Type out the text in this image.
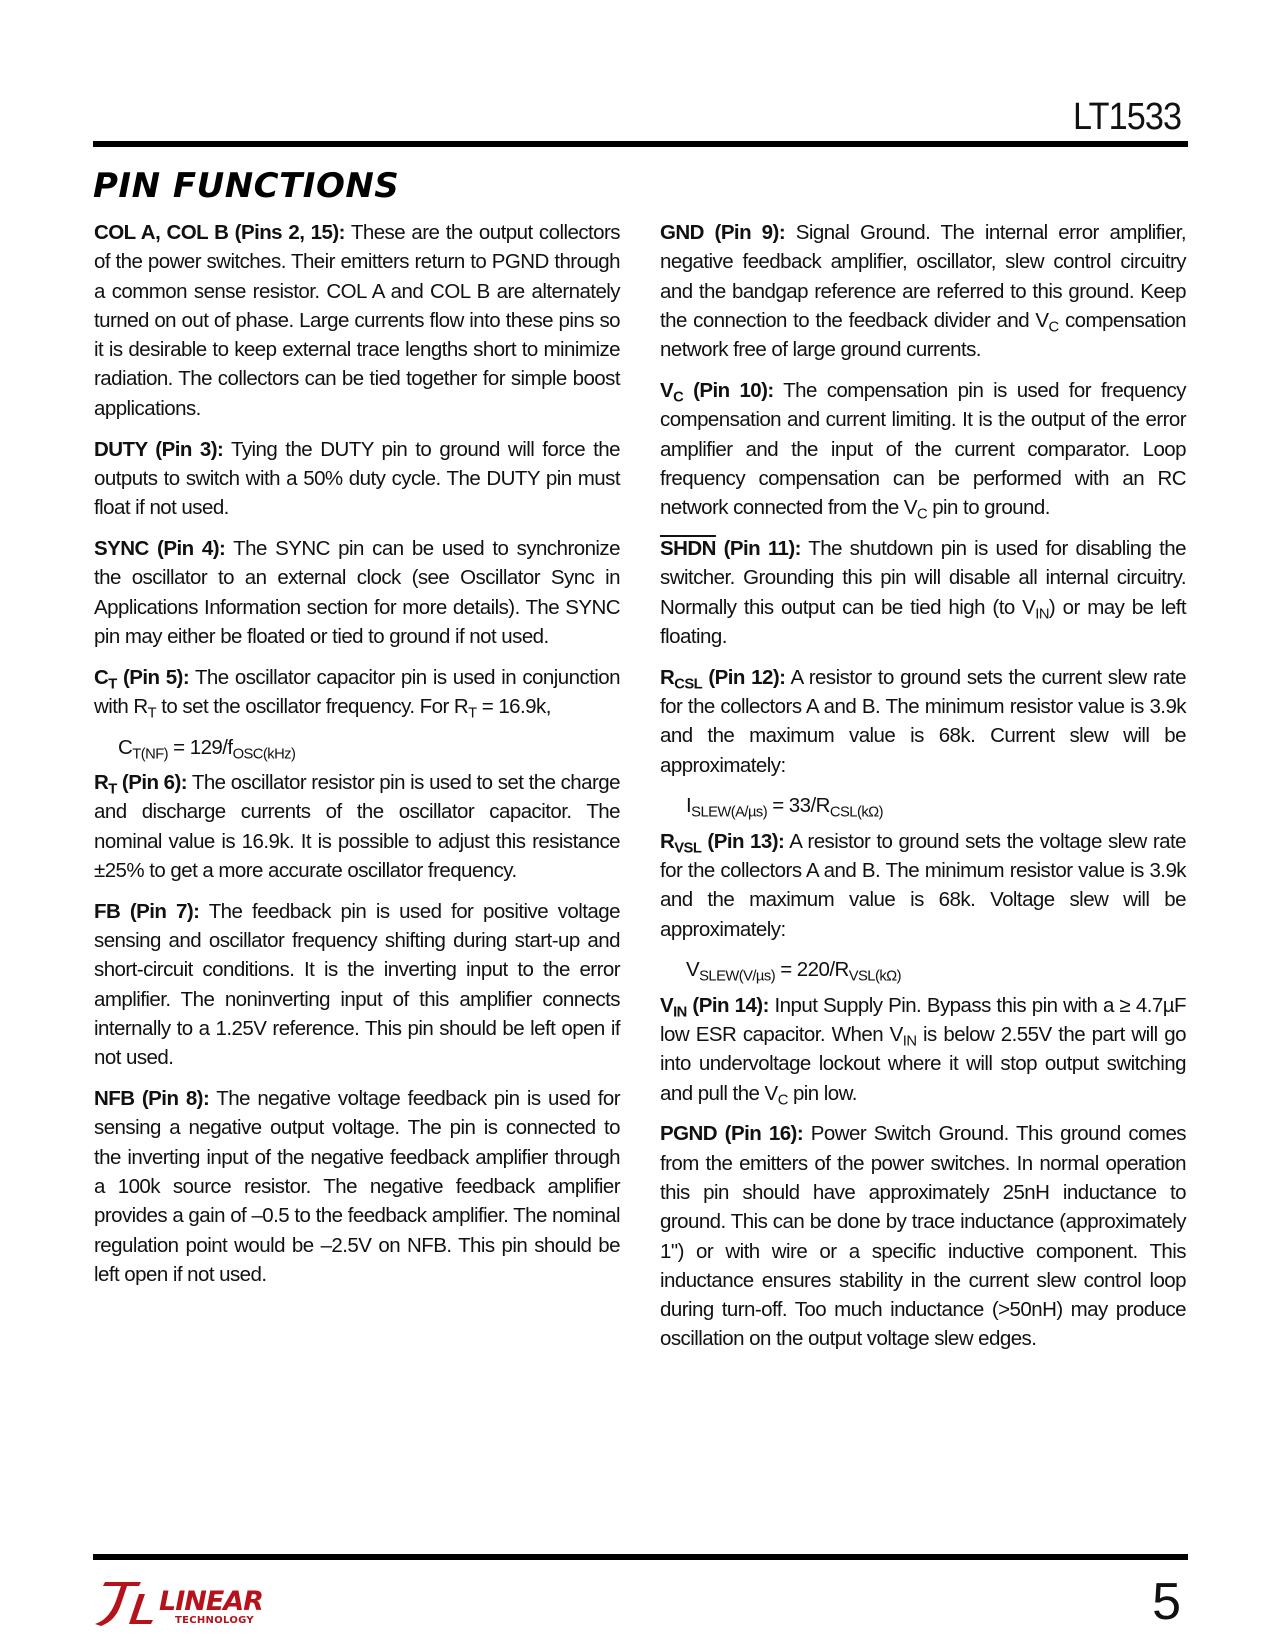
LT1533
PIN FUNCTIONS

COL A, COL B (Pins 2, 15): These are the output collectors of the power switches. Their emitters return to PGND through a common sense resistor. COL A and COL B are alternately turned on out of phase. Large currents flow into these pins so it is desirable to keep external trace lengths short to minimize radiation. The collectors can be tied together for simple boost applications.

DUTY (Pin 3): Tying the DUTY pin to ground will force the outputs to switch with a 50% duty cycle. The DUTY pin must float if not used.

SYNC (Pin 4): The SYNC pin can be used to synchronize the oscillator to an external clock (see Oscillator Sync in Applications Information section for more details). The SYNC pin may either be floated or tied to ground if not used.

$C_T$ (Pin 5): The oscillator capacitor pin is used in conjunction with $R_T$ to set the oscillator frequency. For $R_T = 16.9k$,

$C_{T(NF)} = 129/f_{OSC(kHz)}$

$R_T$ (Pin 6): The oscillator resistor pin is used to set the charge and discharge currents of the oscillator capacitor. The nominal value is 16.9k. It is possible to adjust this resistance ±25% to get a more accurate oscillator frequency.

FB (Pin 7): The feedback pin is used for positive voltage sensing and oscillator frequency shifting during start-up and short-circuit conditions. It is the inverting input to the error amplifier. The noninverting input of this amplifier connects internally to a 1.25V reference. This pin should be left open if not used.

NFB (Pin 8): The negative voltage feedback pin is used for sensing a negative output voltage. The pin is connected to the inverting input of the negative feedback amplifier through a 100k source resistor. The negative feedback amplifier provides a gain of –0.5 to the feedback amplifier. The nominal regulation point would be –2.5V on NFB. This pin should be left open if not used.

GND (Pin 9): Signal Ground. The internal error amplifier, negative feedback amplifier, oscillator, slew control circuitry and the bandgap reference are referred to this ground. Keep the connection to the feedback divider and $V_C$ compensation network free of large ground currents.

$V_C$ (Pin 10): The compensation pin is used for frequency compensation and current limiting. It is the output of the error amplifier and the input of the current comparator. Loop frequency compensation can be performed with an RC network connected from the $V_C$ pin to ground.

SHDN (Pin 11): The shutdown pin is used for disabling the switcher. Grounding this pin will disable all internal circuitry. Normally this output can be tied high (to $V_{IN}$) or may be left floating.

$R_{CSL}$ (Pin 12): A resistor to ground sets the current slew rate for the collectors A and B. The minimum resistor value is 3.9k and the maximum value is 68k. Current slew will be approximately:

$I_{SLEW(A/\mu s)} = 33/R_{CSL(k\Omega)}$

$R_{VSL}$ (Pin 13): A resistor to ground sets the voltage slew rate for the collectors A and B. The minimum resistor value is 3.9k and the maximum value is 68k. Voltage slew will be approximately:

$V_{SLEW(V/\mu s)} = 220/R_{VSL(k\Omega)}$

$V_{IN}$ (Pin 14): Input Supply Pin. Bypass this pin with a ≥ 4.7µF low ESR capacitor. When $V_{IN}$ is below 2.55V the part will go into undervoltage lockout where it will stop output switching and pull the $V_C$ pin low.

PGND (Pin 16): Power Switch Ground. This ground comes from the emitters of the power switches. In normal operation this pin should have approximately 25nH inductance to ground. This can be done by trace inductance (approximately 1") or with wire or a specific inductive component. This inductance ensures stability in the current slew control loop during turn-off. Too much inductance (>50nH) may produce oscillation on the output voltage slew edges.

LINEAR
TECHNOLOGY	5
